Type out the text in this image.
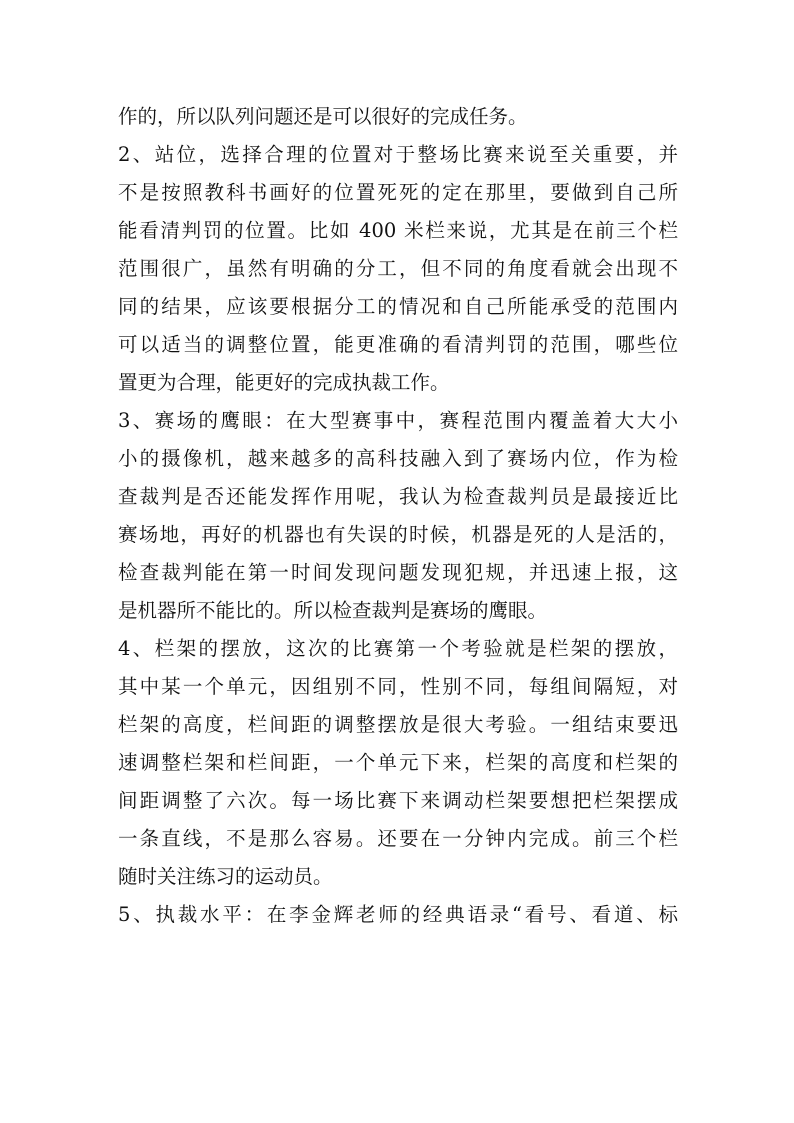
作的，所以队列问题还是可以很好的完成任务。
2、站位，选择合理的位置对于整场比赛来说至关重要，并
不是按照教科书画好的位置死死的定在那里，要做到自己所
能看清判罚的位置。比如 400 米栏来说，尤其是在前三个栏
范围很广，虽然有明确的分工，但不同的角度看就会出现不
同的结果，应该要根据分工的情况和自己所能承受的范围内
可以适当的调整位置，能更准确的看清判罚的范围，哪些位
置更为合理，能更好的完成执裁工作。
3、赛场的鹰眼：在大型赛事中，赛程范围内覆盖着大大小
小的摄像机，越来越多的高科技融入到了赛场内位，作为检
查裁判是否还能发挥作用呢，我认为检查裁判员是最接近比
赛场地，再好的机器也有失误的时候，机器是死的人是活的，
检查裁判能在第一时间发现问题发现犯规，并迅速上报，这
是机器所不能比的。所以检查裁判是赛场的鹰眼。
4、栏架的摆放，这次的比赛第一个考验就是栏架的摆放，
其中某一个单元，因组别不同，性别不同，每组间隔短，对
栏架的高度，栏间距的调整摆放是很大考验。一组结束要迅
速调整栏架和栏间距，一个单元下来，栏架的高度和栏架的
间距调整了六次。每一场比赛下来调动栏架要想把栏架摆成
一条直线，不是那么容易。还要在一分钟内完成。前三个栏
随时关注练习的运动员。
5、执裁水平：在李金辉老师的经典语录“看号、看道、标
